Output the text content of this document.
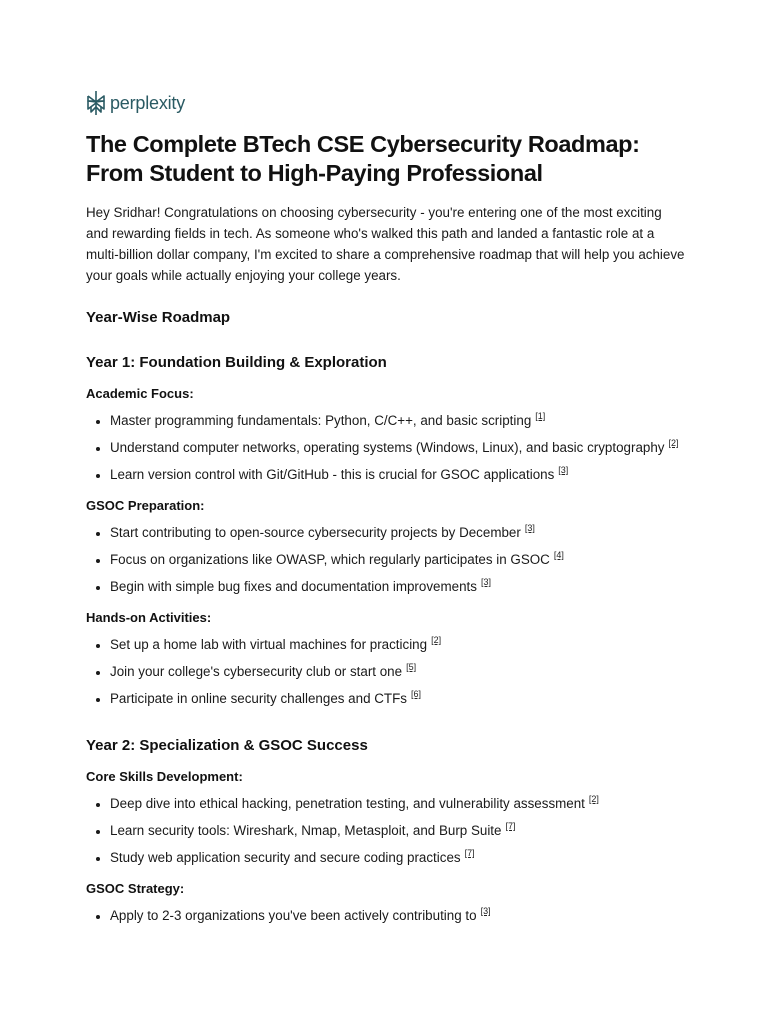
perplexity
The Complete BTech CSE Cybersecurity Roadmap: From Student to High-Paying Professional

Hey Sridhar! Congratulations on choosing cybersecurity - you're entering one of the most exciting and rewarding fields in tech. As someone who's walked this path and landed a fantastic role at a multi-billion dollar company, I'm excited to share a comprehensive roadmap that will help you achieve your goals while actually enjoying your college years.

Year-Wise Roadmap
Year 1: Foundation Building & Exploration

Academic Focus:

• Master programming fundamentals: Python, C/C++, and basic scripting [1]
• Understand computer networks, operating systems (Windows, Linux), and basic cryptography [2]
• Learn version control with Git/GitHub - this is crucial for GSOC applications [3]

GSOC Preparation:

• Start contributing to open-source cybersecurity projects by December [3]
• Focus on organizations like OWASP, which regularly participates in GSOC [4]
• Begin with simple bug fixes and documentation improvements [3]

Hands-on Activities:

• Set up a home lab with virtual machines for practicing [2]
• Join your college's cybersecurity club or start one [5]
• Participate in online security challenges and CTFs [6]
Year 2: Specialization & GSOC Success

Core Skills Development:

• Deep dive into ethical hacking, penetration testing, and vulnerability assessment [2]
• Learn security tools: Wireshark, Nmap, Metasploit, and Burp Suite [7]
• Study web application security and secure coding practices [7]

GSOC Strategy:

• Apply to 2-3 organizations you've been actively contributing to [3]
